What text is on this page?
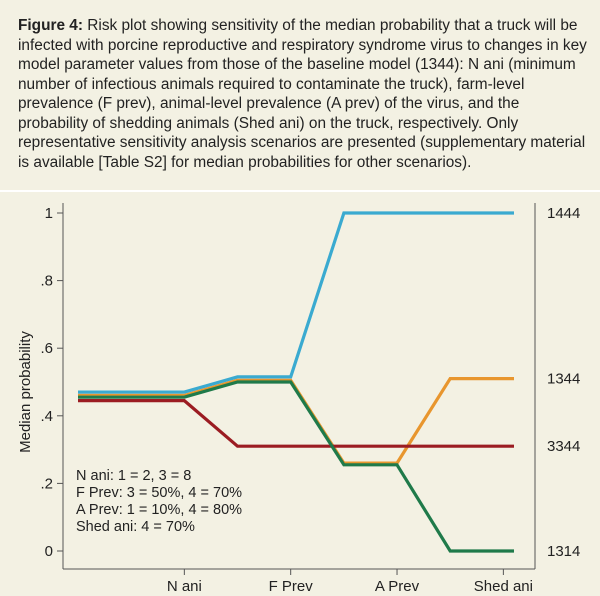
Figure 4: Risk plot showing sensitivity of the median probability that a truck will be infected with porcine reproductive and respiratory syndrome virus to changes in key model parameter values from those of the baseline model (1344): N ani (minimum number of infectious animals required to contaminate the truck), farm-level prevalence (F prev), animal-level prevalence (A prev) of the virus, and the probability of shedding animals (Shed ani) on the truck, respectively. Only representative sensitivity analysis scenarios are presented (supplementary material is available [Table S2] for median probabilities for other scenarios).
0
.2
.4
.6
.8
1
N ani	F Prev	A Prev	Shed ani
Median probability
1444
1344
3344
1314
N ani: 1 = 2, 3 = 8
F Prev: 3 = 50%, 4 = 70%
A Prev: 1 = 10%, 4 = 80%
Shed ani: 4 = 70%
